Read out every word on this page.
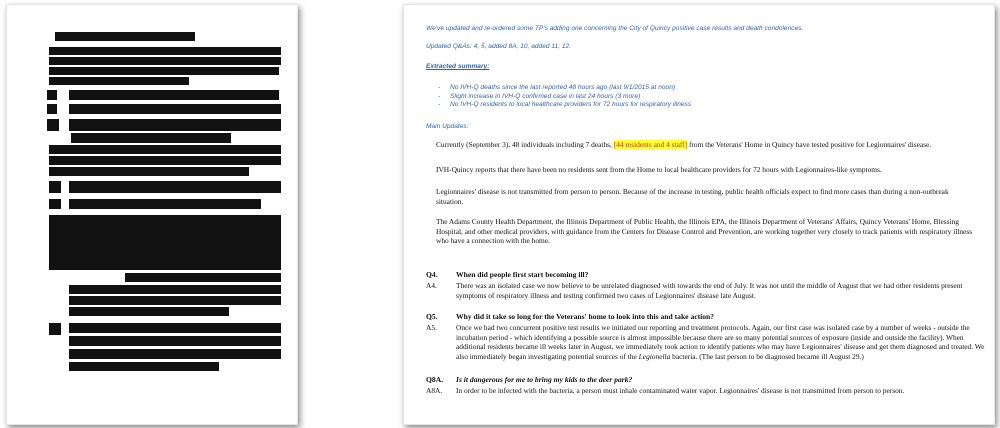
We've updated and re-ordered some TP's adding one concerning the City of Quincy positive case results and death condolences.
Updated Q&As: 4, 5, added 8A, 10, added 11, 12.
Extracted summary:
- No IVH-Q deaths since the last reported 48 hours ago (last 9/1/2015 at noon)
- Slight increase in IVH-Q confirmed case in last 24 hours (3 more)
- No IVH-Q residents to local healthcare providers for 72 hours for respiratory illness
Main Updates:
Currently (September 3), 48 individuals including 7 deaths, [44 residents and 4 staff] from the Veterans' Home in Quincy have tested positive for Legionnaires' disease.
IVH-Quincy reports that there have been no residents sent from the Home to local healthcare providers for 72 hours with Legionnaires-like symptoms.
Legionnaires' disease is not transmitted from person to person. Because of the increase in testing, public health officials expect to find more cases than during a non-outbreak situation.
The Adams County Health Department, the Illinois Department of Public Health, the Illinois EPA, the Illinois Department of Veterans' Affairs, Quincy Veterans' Home, Blessing Hospital, and other medical providers, with guidance from the Centers for Disease Control and Prevention, are working together very closely to track patients with respiratory illness who have a connection with the home.
Q4. When did people first start becoming ill?
A4.	There was an isolated case we now believe to be unrelated diagnosed with towards the end of July. It was not until the middle of August that we had other residents present symptoms of respiratory illness and testing confirmed two cases of Legionnaires' disease late August.
Q5. Why did it take so long for the Veterans' home to look into this and take action?
A5.	Once we had two concurrent positive test results we initiated our reporting and treatment protocols. Again, our first case was isolated case by a number of weeks - outside the incubation period - which identifying a possible source is almost impossible because there are so many potential sources of exposure (inside and outside the facility). When additional residents became ill weeks later in August, we immediately took action to identify patients who may have Legionnaires' disease and get them diagnosed and treated. We also immediately began investigating potential sources of the Legionella bacteria. (The last person to be diagnosed became ill August 29.)
Q8A. Is it dangerous for me to bring my kids to the deer park?
A8A. In order to be infected with the bacteria, a person must inhale contaminated water vapor. Legionnaires' disease is not transmitted from person to person.
